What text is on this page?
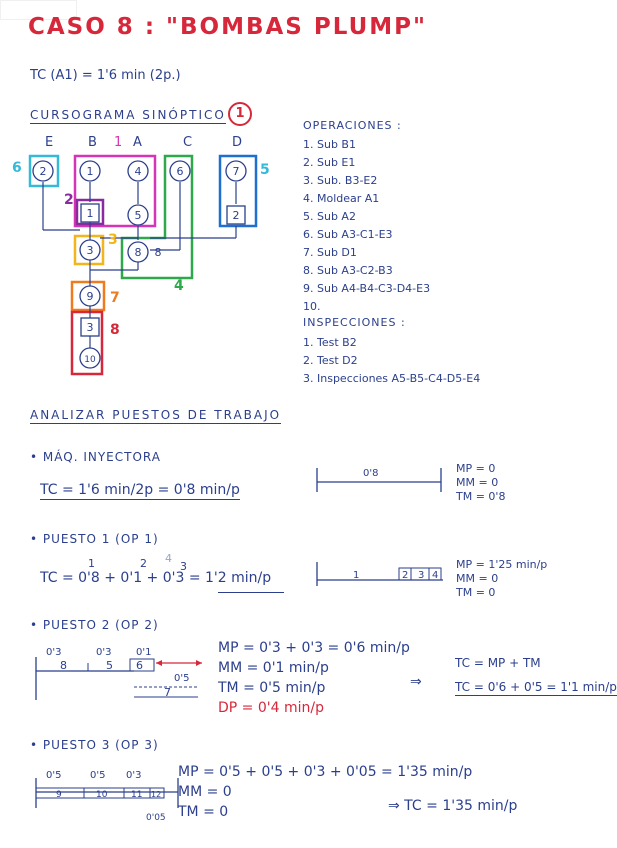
CASO 8 : "BOMBAS PLUMP"
TC (A1) = 1'6 min (2p.)
CURSOGRAMA SINÓPTICO 1
E	B 1 A	C	D
2	1	4	6	7
1	5	2
3	8 8
9
3
10
6
2
3
4
5
7
8
OPERACIONES :
1. Sub B1
2. Sub E1
3. Sub. B3-E2
4. Moldear A1
5. Sub A2
6. Sub A3-C1-E3
7. Sub D1
8. Sub A3-C2-B3
9. Sub A4-B4-C3-D4-E3
10.
INSPECCIONES :
1. Test B2
2. Test D2
3. Inspecciones A5-B5-C4-D5-E4
ANALIZAR PUESTOS DE TRABAJO
• MÁQ. INYECTORA
TC = 1'6 min/2p = 0'8 min/p
0'8	MP = 0
MM = 0
TM = 0'8
• PUESTO 1 (OP 1)
1	2 4
3
TC = 0'8 + 0'1 + 0'3 = 1'2 min/p	1	2 3 4
MP = 1'25 min/p
MM = 0
TM = 0
• PUESTO 2 (OP 2)
0'3	0'3 0'1
8	5 6
0'5
7
MP = 0'3 + 0'3 = 0'6 min/p
MM = 0'1 min/p
TM = 0'5 min/p
DP = 0'4 min/p
⇒
TC = MP + TM
TC = 0'6 + 0'5 = 1'1 min/p
• PUESTO 3 (OP 3)
0'5	0'5 0'3
9	10	11 12
0'05
MP = 0'5 + 0'5 + 0'3 + 0'05 = 1'35 min/p
MM = 0
TM = 0	⇒ TC = 1'35 min/p
